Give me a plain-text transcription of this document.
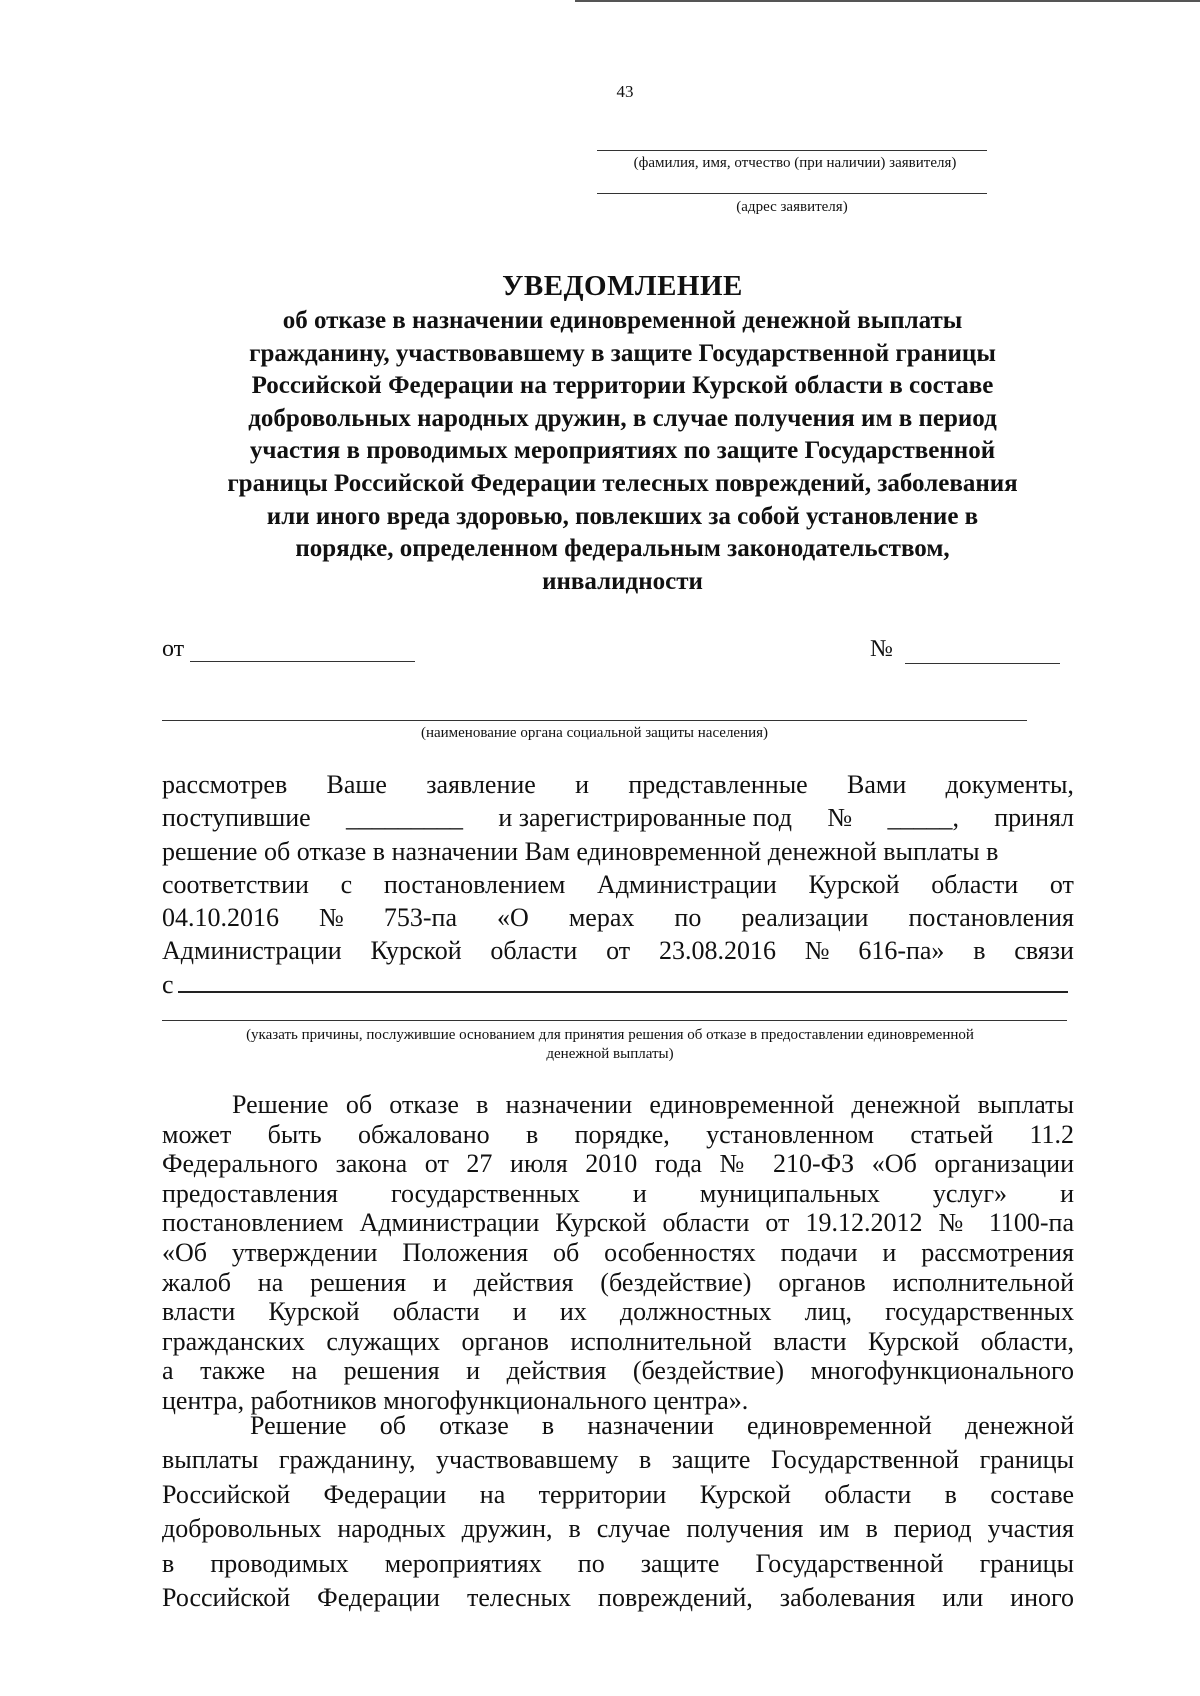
43
(фамилия, имя, отчество (при наличии) заявителя)
(адрес заявителя)
УВЕДОМЛЕНИЕ
об отказе в назначении единовременной денежной выплаты
гражданину, участвовавшему в защите Государственной границы
Российской Федерации на территории Курской области в составе
добровольных народных дружин, в случае получения им в период
участия в проводимых мероприятиях по защите Государственной
границы Российской Федерации телесных повреждений, заболевания
или иного вреда здоровью, повлекших за собой установление в
порядке, определенном федеральным законодательством,
инвалидности
от	№
(наименование органа социальной защиты населения)
рассмотрев Ваше заявление и представленные Вами документы,
поступившие _________ и зарегистрированные под № _____, принял
решение об отказе в назначении Вам единовременной денежной выплаты в
соответствии с постановлением Администрации Курской области от
04.10.2016 № 753-па «О мерах по реализации постановления
Администрации Курской области от 23.08.2016 № 616-па» в связи
с
(указать причины, послужившие основанием для принятия решения об отказе в предоставлении единовременной
денежной выплаты)
Решение об отказе в назначении единовременной денежной выплаты
может быть обжаловано в порядке, установленном статьей 11.2
Федерального закона от 27 июля 2010 года № 210-ФЗ «Об организации
предоставления государственных и муниципальных услуг» и
постановлением Администрации Курской области от 19.12.2012 № 1100-па
«Об утверждении Положения об особенностях подачи и рассмотрения
жалоб на решения и действия (бездействие) органов исполнительной
власти Курской области и их должностных лиц, государственных
гражданских служащих органов исполнительной власти Курской области,
а также на решения и действия (бездействие) многофункционального
центра, работников многофункционального центра».
Решение об отказе в назначении единовременной денежной
выплаты гражданину, участвовавшему в защите Государственной границы
Российской Федерации на территории Курской области в составе
добровольных народных дружин, в случае получения им в период участия
в проводимых мероприятиях по защите Государственной границы
Российской Федерации телесных повреждений, заболевания или иного
